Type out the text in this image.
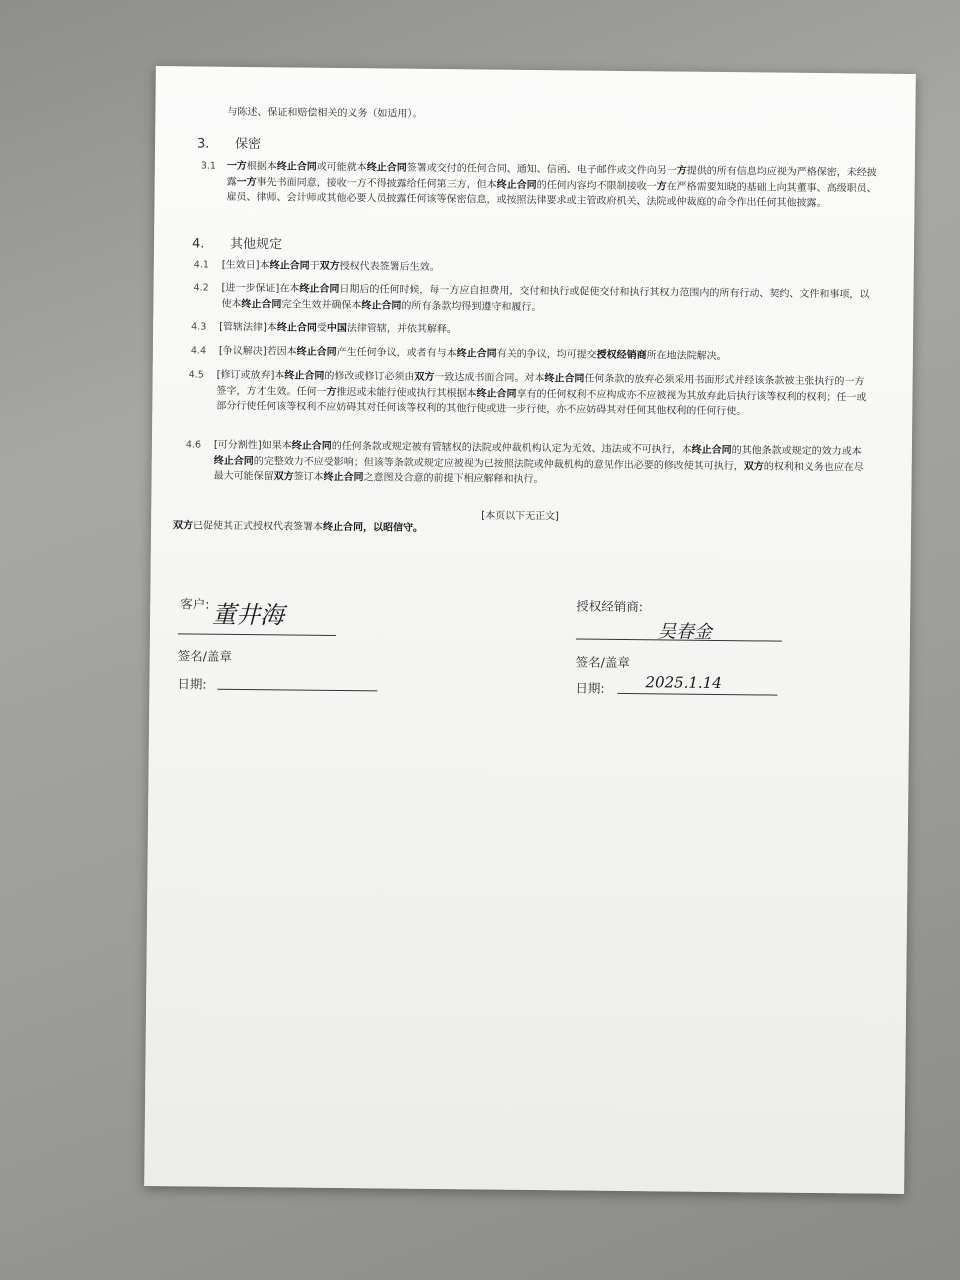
与陈述、保证和赔偿相关的义务（如适用）。
3. 保密
3.1 一方根据本终止合同或可能就本终止合同签署或交付的任何合同、通知、信函、电子邮件或文件向另一方提供的所有信息均应视为严格保密，未经披露一方事先书面同意，接收一方不得披露给任何第三方，但本终止合同的任何内容均不限制接收一方在严格需要知晓的基础上向其董事、高级职员、雇员、律师、会计师或其他必要人员披露任何该等保密信息，或按照法律要求或主管政府机关、法院或仲裁庭的命令作出任何其他披露。
4. 其他规定
4.1 [生效日]本终止合同于双方授权代表签署后生效。
4.2 [进一步保证]在本终止合同日期后的任何时候，每一方应自担费用，交付和执行或促使交付和执行其权力范围内的所有行动、契约、文件和事项，以使本终止合同完全生效并确保本终止合同的所有条款均得到遵守和履行。
4.3 [管辖法律]本终止合同受中国法律管辖，并依其解释。
4.4 [争议解决]若因本终止合同产生任何争议，或者有与本终止合同有关的争议，均可提交授权经销商所在地法院解决。
4.5 [修订或放弃]本终止合同的修改或修订必须由双方一致达成书面合同。对本终止合同任何条款的放弃必须采用书面形式并经该条款被主张执行的一方签字，方才生效。任何一方推迟或未能行使或执行其根据本终止合同享有的任何权利不应构成亦不应被视为其放弃此后执行该等权利的权利；任一或部分行使任何该等权利不应妨碍其对任何该等权利的其他行使或进一步行使，亦不应妨碍其对任何其他权利的任何行使。
4.6 [可分割性]如果本终止合同的任何条款或规定被有管辖权的法院或仲裁机构认定为无效、违法或不可执行，本终止合同的其他条款或规定的效力或本终止合同的完整效力不应受影响；但该等条款或规定应被视为已按照法院或仲裁机构的意见作出必要的修改使其可执行，双方的权利和义务也应在尽最大可能保留双方签订本终止合同之意图及合意的前提下相应解释和执行。
[本页以下无正文]
双方已促使其正式授权代表签署本终止合同，以昭信守。
客户: 董井海
签名/盖章
日期:
授权经销商:
吴春金
签名/盖章
日期:	2025.1.14
